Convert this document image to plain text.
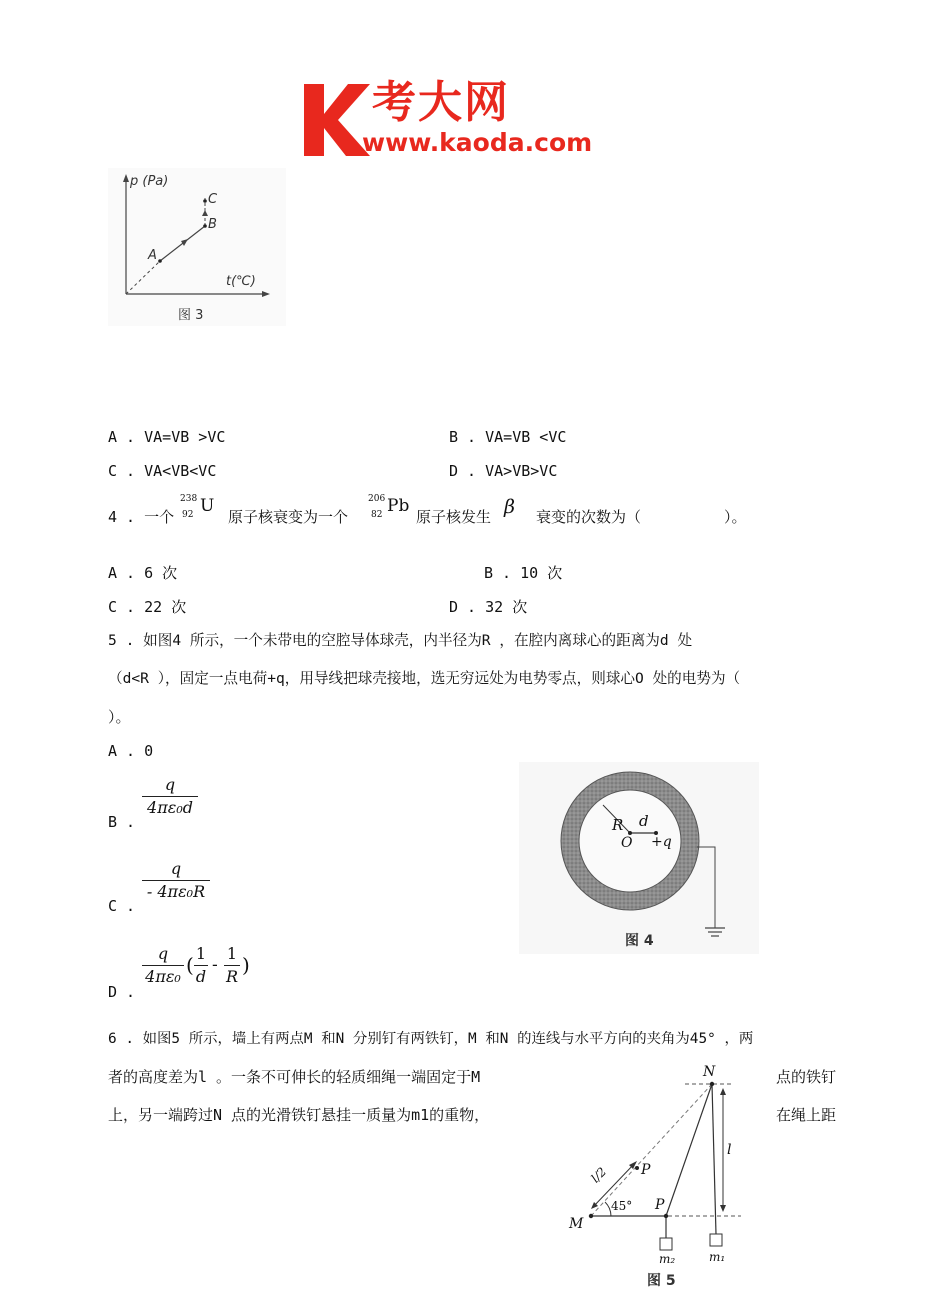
考大网
www.kaoda.com
p (Pa)
t(℃)
A
B
C
图 3
A . VA=VB >VC	B . VA=VB <VC
C . VA<VB<VC	D . VA>VB>VC
4 . 一个
238
92 U
原子核衰变为一个
206
82 Pb
原子核发生 β 衰变的次数为（	）。
A . 6 次	B . 10 次
C . 22 次	D . 32 次
5 . 如图4 所示，一个未带电的空腔导体球壳，内半径为R ，在腔内离球心的距离为d 处
（d<R ），固定一点电荷+q，用导线把球壳接地，选无穷远处为电势零点，则球心O 处的电势为（
）。
A . 0
B .
q
4πε₀d
C .
q
- 4πε₀R
D .
q
4πε₀ ( 1
d
-
1
R )
R d
O +q
图 4
6 . 如图5 所示，墙上有两点M 和N 分别钉有两铁钉，M 和N 的连线与水平方向的夹角为45° ，两
者的高度差为l 。一条不可伸长的轻质细绳一端固定于M	点的铁钉
上，另一端跨过N 点的光滑铁钉悬挂一质量为m1的重物，	在绳上距
N
l
l/2 P
P
45°
M
m₂	m₁
图 5
